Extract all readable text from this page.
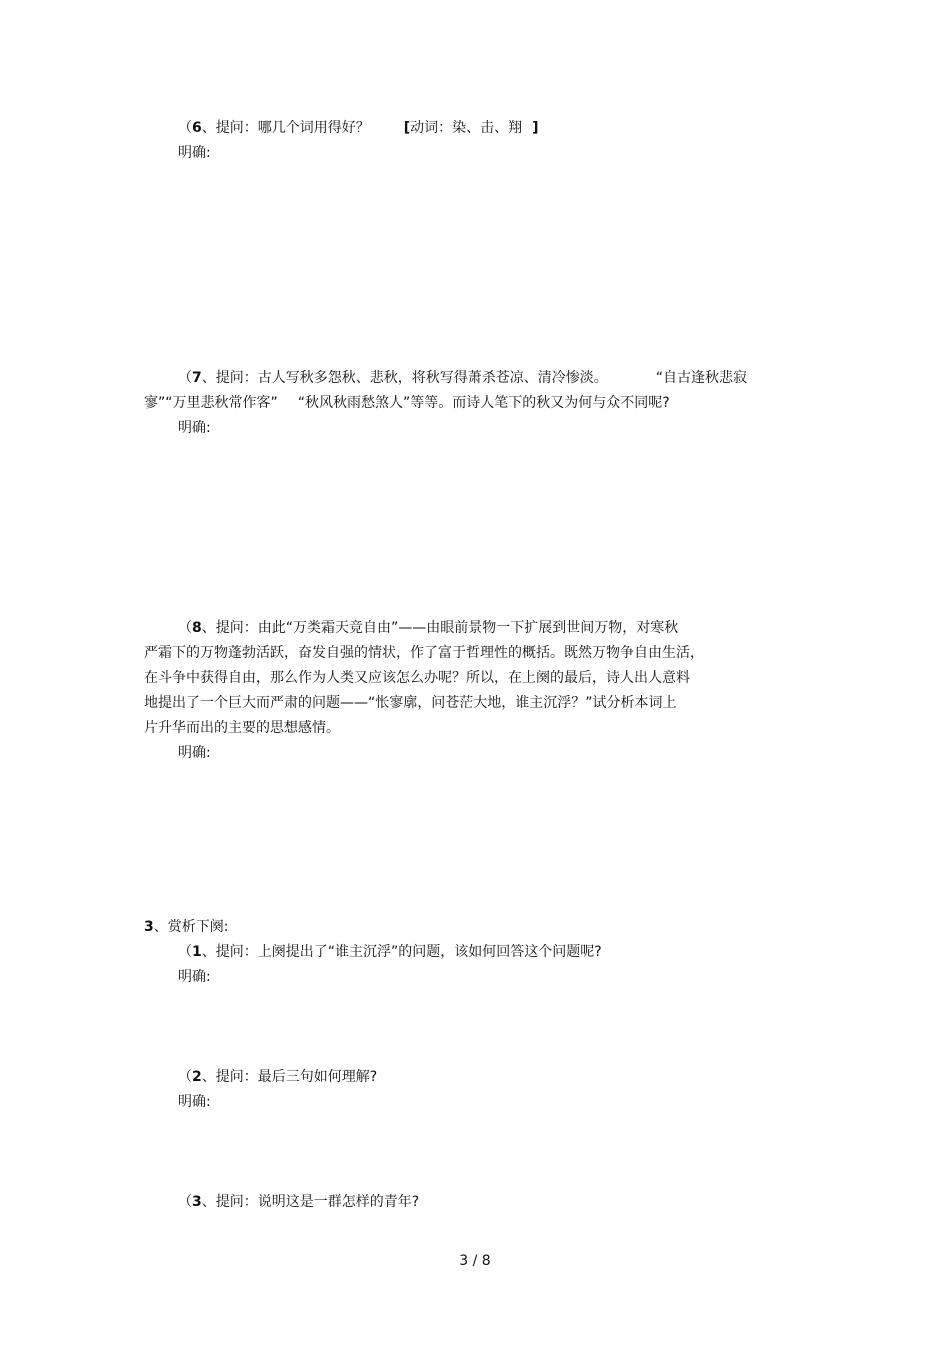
（6、提问：哪几个词用得好？ [动词：染、击、翔 ]
明确:
（7、提问：古人写秋多怨秋、悲秋，将秋写得萧杀苍凉、清冷惨淡。	“自古逢秋悲寂
寥”“万里悲秋常作客” “秋风秋雨愁煞人”等等。而诗人笔下的秋又为何与众不同呢?
明确:
（8、提问：由此“万类霜天竞自由”——由眼前景物一下扩展到世间万物，对寒秋
严霜下的万物蓬勃活跃，奋发自强的情状，作了富于哲理性的概括。既然万物争自由生活，
在斗争中获得自由，那么作为人类又应该怎么办呢？所以，在上阕的最后，诗人出人意料
地提出了一个巨大而严肃的问题——“怅寥廓，问苍茫大地，谁主沉浮？”试分析本词上
片升华而出的主要的思想感情。
明确:
3、赏析下阕:
（1、提问：上阕提出了“谁主沉浮”的问题，该如何回答这个问题呢?
明确:
（2、提问：最后三句如何理解?
明确:
（3、提问：说明这是一群怎样的青年?
3 / 8
